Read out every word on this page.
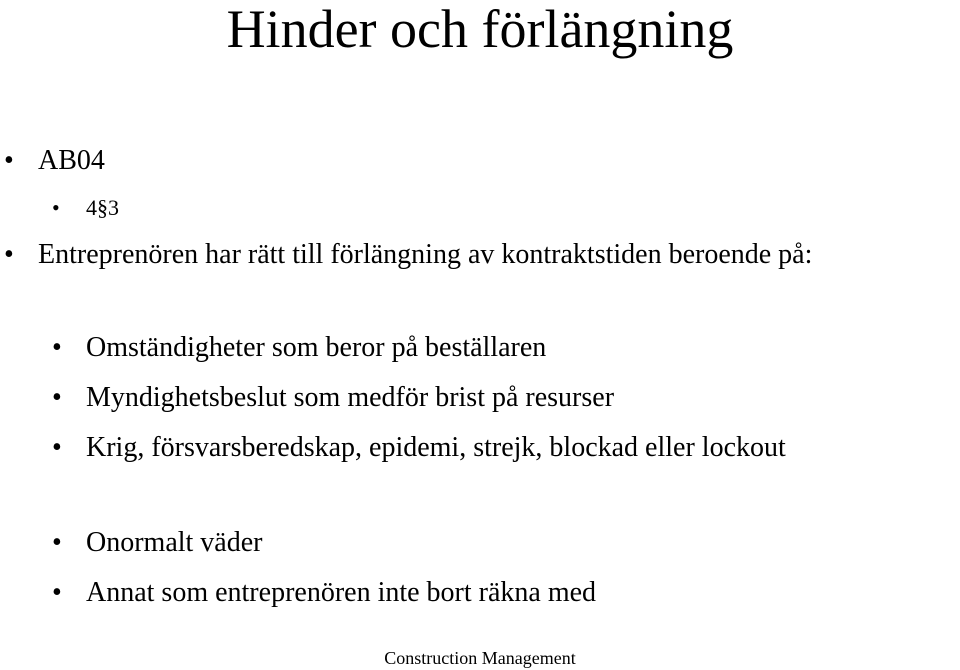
Hinder och förlängning
• AB04
•	4§3
• Entreprenören har rätt till förlängning av kontraktstiden beroende på:
• Omständigheter som beror på beställaren
• Myndighetsbeslut som medför brist på resurser
• Krig, försvarsberedskap, epidemi, strejk, blockad eller lockout
• Onormalt väder
• Annat som entreprenören inte bort räkna med
Construction Management
